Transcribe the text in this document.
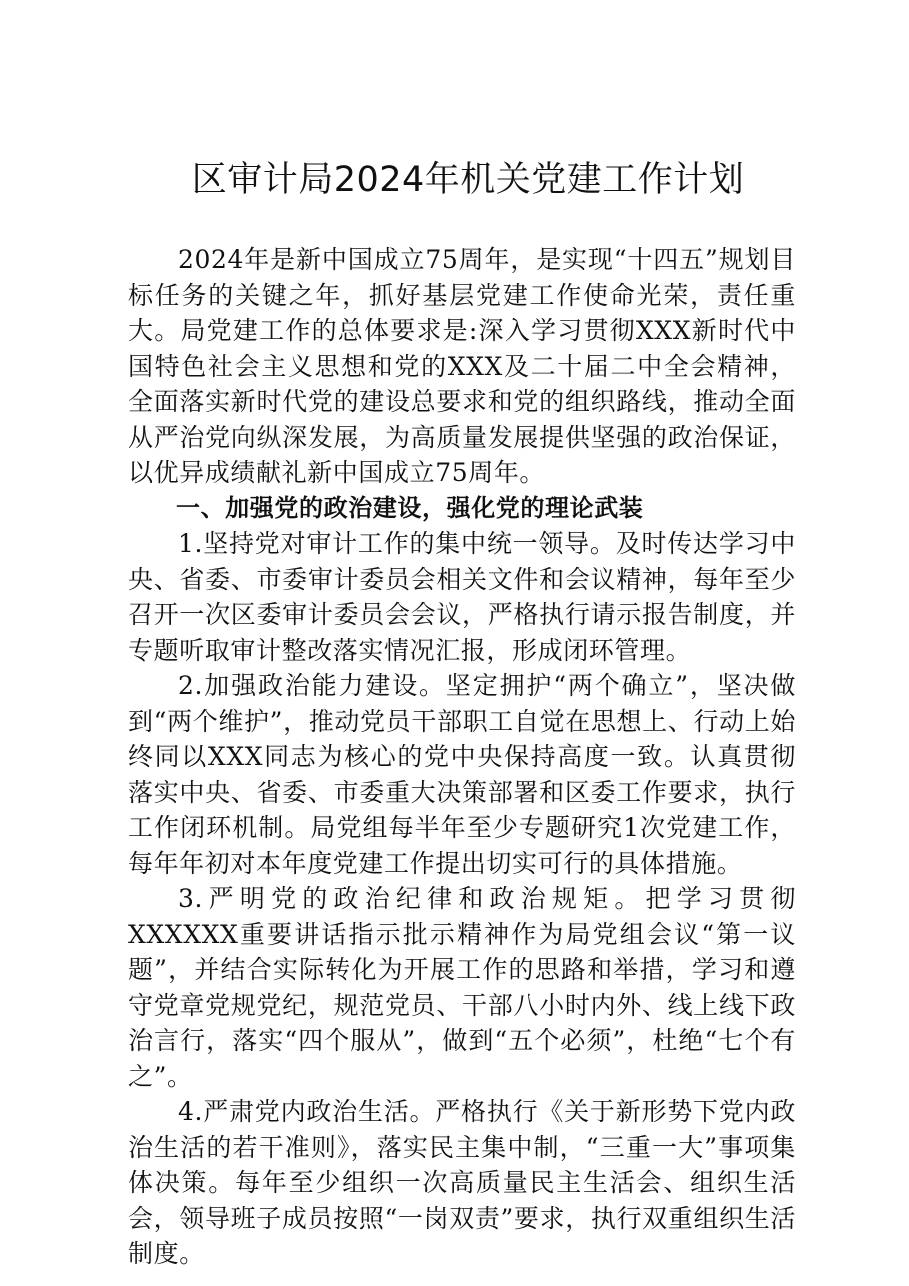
区审计局2024年机关党建工作计划

2024年是新中国成立75周年，是实现“十四五”规划目标任务的关键之年，抓好基层党建工作使命光荣，责任重大。局党建工作的总体要求是:深入学习贯彻XXX新时代中国特色社会主义思想和党的XXX及二十届二中全会精神，全面落实新时代党的建设总要求和党的组织路线，推动全面从严治党向纵深发展，为高质量发展提供坚强的政治保证，以优异成绩献礼新中国成立75周年。

一、加强党的政治建设，强化党的理论武装

1.坚持党对审计工作的集中统一领导。及时传达学习中央、省委、市委审计委员会相关文件和会议精神，每年至少召开一次区委审计委员会会议，严格执行请示报告制度，并专题听取审计整改落实情况汇报，形成闭环管理。

2.加强政治能力建设。坚定拥护“两个确立”，坚决做到“两个维护”，推动党员干部职工自觉在思想上、行动上始终同以XXX同志为核心的党中央保持高度一致。认真贯彻落实中央、省委、市委重大决策部署和区委工作要求，执行工作闭环机制。局党组每半年至少专题研究1次党建工作，每年年初对本年度党建工作提出切实可行的具体措施。

3.严明党的政治纪律和政治规矩。把学习贯彻XXXXXX重要讲话指示批示精神作为局党组会议“第一议题”，并结合实际转化为开展工作的思路和举措，学习和遵守党章党规党纪，规范党员、干部八小时内外、线上线下政治言行，落实“四个服从”，做到“五个必须”，杜绝“七个有之”。

4.严肃党内政治生活。严格执行《关于新形势下党内政治生活的若干准则》，落实民主集中制，“三重一大”事项集体决策。每年至少组织一次高质量民主生活会、组织生活会，领导班子成员按照“一岗双责”要求，执行双重组织生活制度。
